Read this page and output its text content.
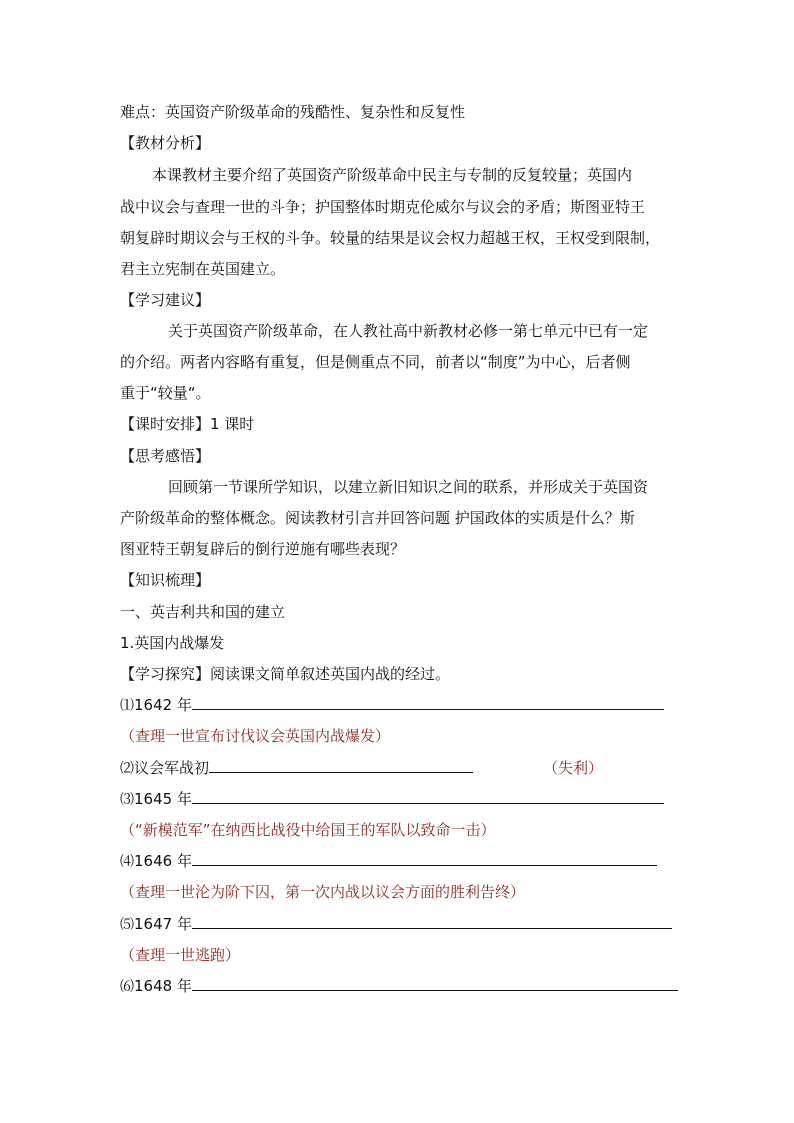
难点：英国资产阶级革命的残酷性、复杂性和反复性
【教材分析】
本课教材主要介绍了英国资产阶级革命中民主与专制的反复较量；英国内
战中议会与查理一世的斗争；护国整体时期克伦威尔与议会的矛盾；斯图亚特王
朝复辟时期议会与王权的斗争。较量的结果是议会权力超越王权，王权受到限制，
君主立宪制在英国建立。
【学习建议】
关于英国资产阶级革命，在人教社高中新教材必修一第七单元中已有一定
的介绍。两者内容略有重复，但是侧重点不同，前者以“制度”为中心，后者侧
重于“较量“。
【课时安排】1 课时
【思考感悟】
回顾第一节课所学知识，以建立新旧知识之间的联系，并形成关于英国资
产阶级革命的整体概念。阅读教材引言并回答问题 护国政体的实质是什么？斯
图亚特王朝复辟后的倒行逆施有哪些表现？
【知识梳理】
一、英吉利共和国的建立
1.英国内战爆发
【学习探究】阅读课文简单叙述英国内战的经过。
⑴1642 年
（查理一世宣布讨伐议会英国内战爆发）
⑵议会军战初	（失利）
⑶1645 年
（“新模范军”在纳西比战役中给国王的军队以致命一击）
⑷1646 年
（查理一世沦为阶下囚，第一次内战以议会方面的胜利告终）
⑸1647 年
（查理一世逃跑）
⑹1648 年
